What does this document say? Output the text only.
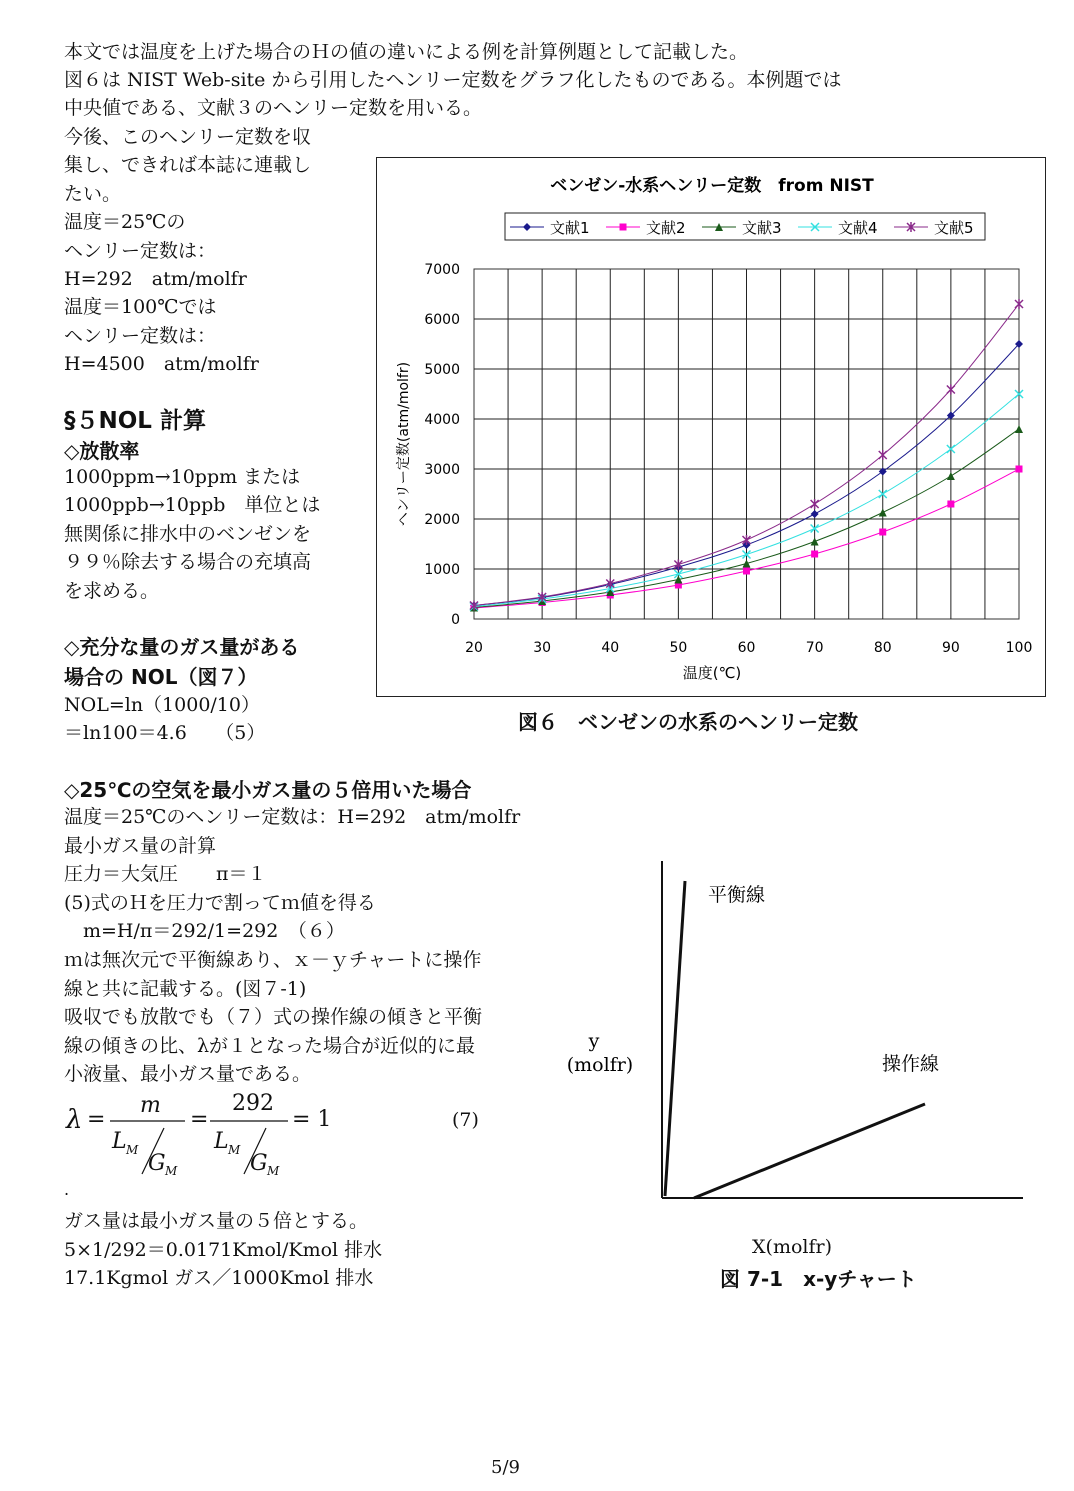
本文では温度を上げた場合のＨの値の違いによる例を計算例題として記載した。
図６は NIST Web-site から引用したヘンリー定数をグラフ化したものである。本例題では
中央値である、文献３のヘンリー定数を用いる。
今後、このヘンリー定数を収
集し、できれば本誌に連載し
たい。
温度＝25℃の
ヘンリー定数は：
H=292　atm/molfr
温度＝100℃では
ヘンリー定数は：
H=4500　atm/molfr
§５NOL 計算
◇放散率
1000ppm→10ppm または
1000ppb→10ppb　単位とは
無関係に排水中のベンゼンを
９９％除去する場合の充填高
を求める。
◇充分な量のガス量がある
場合の NOL（図７）
NOL=ln（1000/10）
＝ln100＝4.6　　（5）
ベンゼン-水系ヘンリー定数　from NIST
文献1	文献2	文献3	文献4	文献5
0
1000
2000
3000
4000
5000
6000
7000
20	30	40	50	60	70	80	90	100
温度(℃)
ヘンリー定数(atm/molfr)
図６　ベンゼンの水系のヘンリー定数
◇25℃の空気を最小ガス量の５倍用いた場合
温度＝25℃のヘンリー定数は：H=292　atm/molfr
最小ガス量の計算
圧力＝大気圧　　π＝１
(5)式のＨを圧力で割ってｍ値を得る
　m=H/π＝292/1=292　（６）
ｍは無次元で平衡線あり、ｘ－ｙチャートに操作
線と共に記載する。(図７-1)
吸収でも放散でも（７）式の操作線の傾きと平衡
線の傾きの比、λが１となった場合が近似的に最
小液量、最小ガス量である。
λ =
m
L M
G M
=
292
L M
G M
= 1	(7)
.
ガス量は最小ガス量の５倍とする。
5×1/292＝0.0171Kmol/Kmol 排水
17.1Kgmol ガス／1000Kmol 排水
平衡線
操作線
y
(molfr)
X(molfr)
図 7-1　x-yチャート
5/9
